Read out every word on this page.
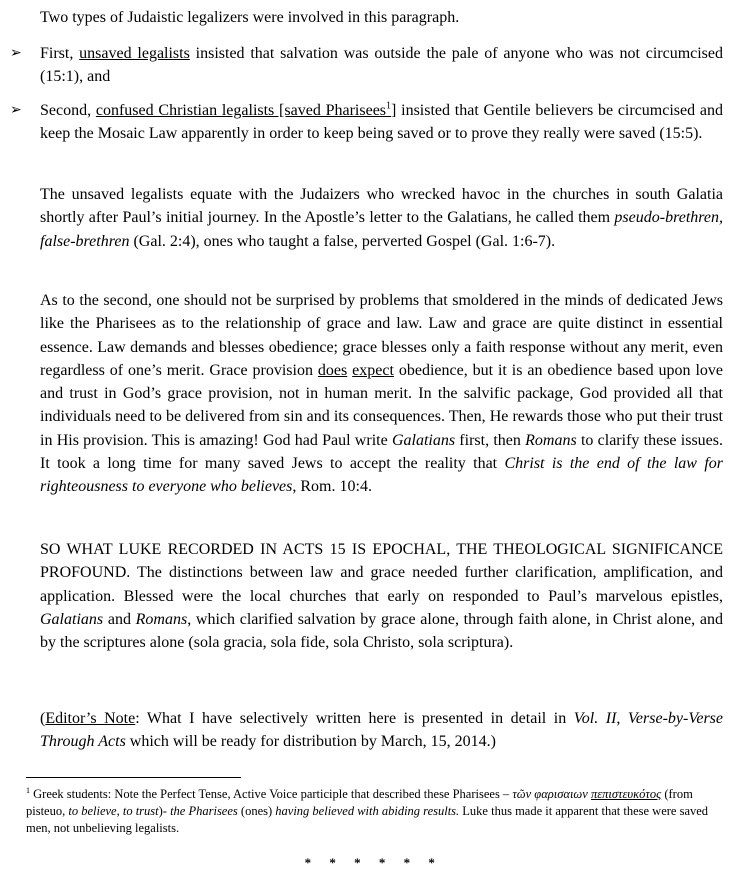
Two types of Judaistic legalizers were involved in this paragraph.

➢ First, unsaved legalists insisted that salvation was outside the pale of anyone who was not circumcised (15:1), and

➢ Second, confused Christian legalists [saved Pharisees$^1$] insisted that Gentile believers be circumcised and keep the Mosaic Law apparently in order to keep being saved or to prove they really were saved (15:5).

The unsaved legalists equate with the Judaizers who wrecked havoc in the churches in south Galatia shortly after Paul’s initial journey. In the Apostle’s letter to the Galatians, he called them pseudo-brethren, false-brethren (Gal. 2:4), ones who taught a false, perverted Gospel (Gal. 1:6-7).

As to the second, one should not be surprised by problems that smoldered in the minds of dedicated Jews like the Pharisees as to the relationship of grace and law. Law and grace are quite distinct in essential essence. Law demands and blesses obedience; grace blesses only a faith response without any merit, even regardless of one’s merit. Grace provision does expect obedience, but it is an obedience based upon love and trust in God’s grace provision, not in human merit. In the salvific package, God provided all that individuals need to be delivered from sin and its consequences. Then, He rewards those who put their trust in His provision. This is amazing! God had Paul write Galatians first, then Romans to clarify these issues. It took a long time for many saved Jews to accept the reality that Christ is the end of the law for righteousness to everyone who believes, Rom. 10:4.

SO WHAT LUKE RECORDED IN ACTS 15 IS EPOCHAL, THE THEOLOGICAL SIGNIFICANCE PROFOUND. The distinctions between law and grace needed further clarification, amplification, and application. Blessed were the local churches that early on responded to Paul’s marvelous epistles, Galatians and Romans, which clarified salvation by grace alone, through faith alone, in Christ alone, and by the scriptures alone (sola gracia, sola fide, sola Christo, sola scriptura).

(Editor’s Note: What I have selectively written here is presented in detail in Vol. II, Verse-by-Verse Through Acts which will be ready for distribution by March, 15, 2014.)

$^1$ Greek students: Note the Perfect Tense, Active Voice participle that described these Pharisees – τῶν φαρισαιων πεπιστευκότος (from pisteuo, to believe, to trust)- the Pharisees (ones) having believed with abiding results. Luke thus made it apparent that these were saved men, not unbelieving legalists.

* * * * * *
